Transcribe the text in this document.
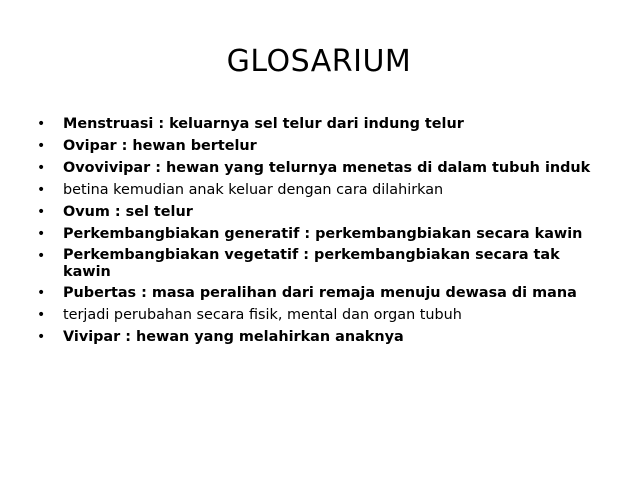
GLOSARIUM
• Menstruasi : keluarnya sel telur dari indung telur
• Ovipar : hewan bertelur
• Ovovivipar : hewan yang telurnya menetas di dalam tubuh induk
• betina kemudian anak keluar dengan cara dilahirkan
• Ovum : sel telur
• Perkembangbiakan generatif : perkembangbiakan secara kawin
• Perkembangbiakan vegetatif : perkembangbiakan secara tak kawin
• Pubertas : masa peralihan dari remaja menuju dewasa di mana
• terjadi perubahan secara fisik, mental dan organ tubuh
• Vivipar : hewan yang melahirkan anaknya
